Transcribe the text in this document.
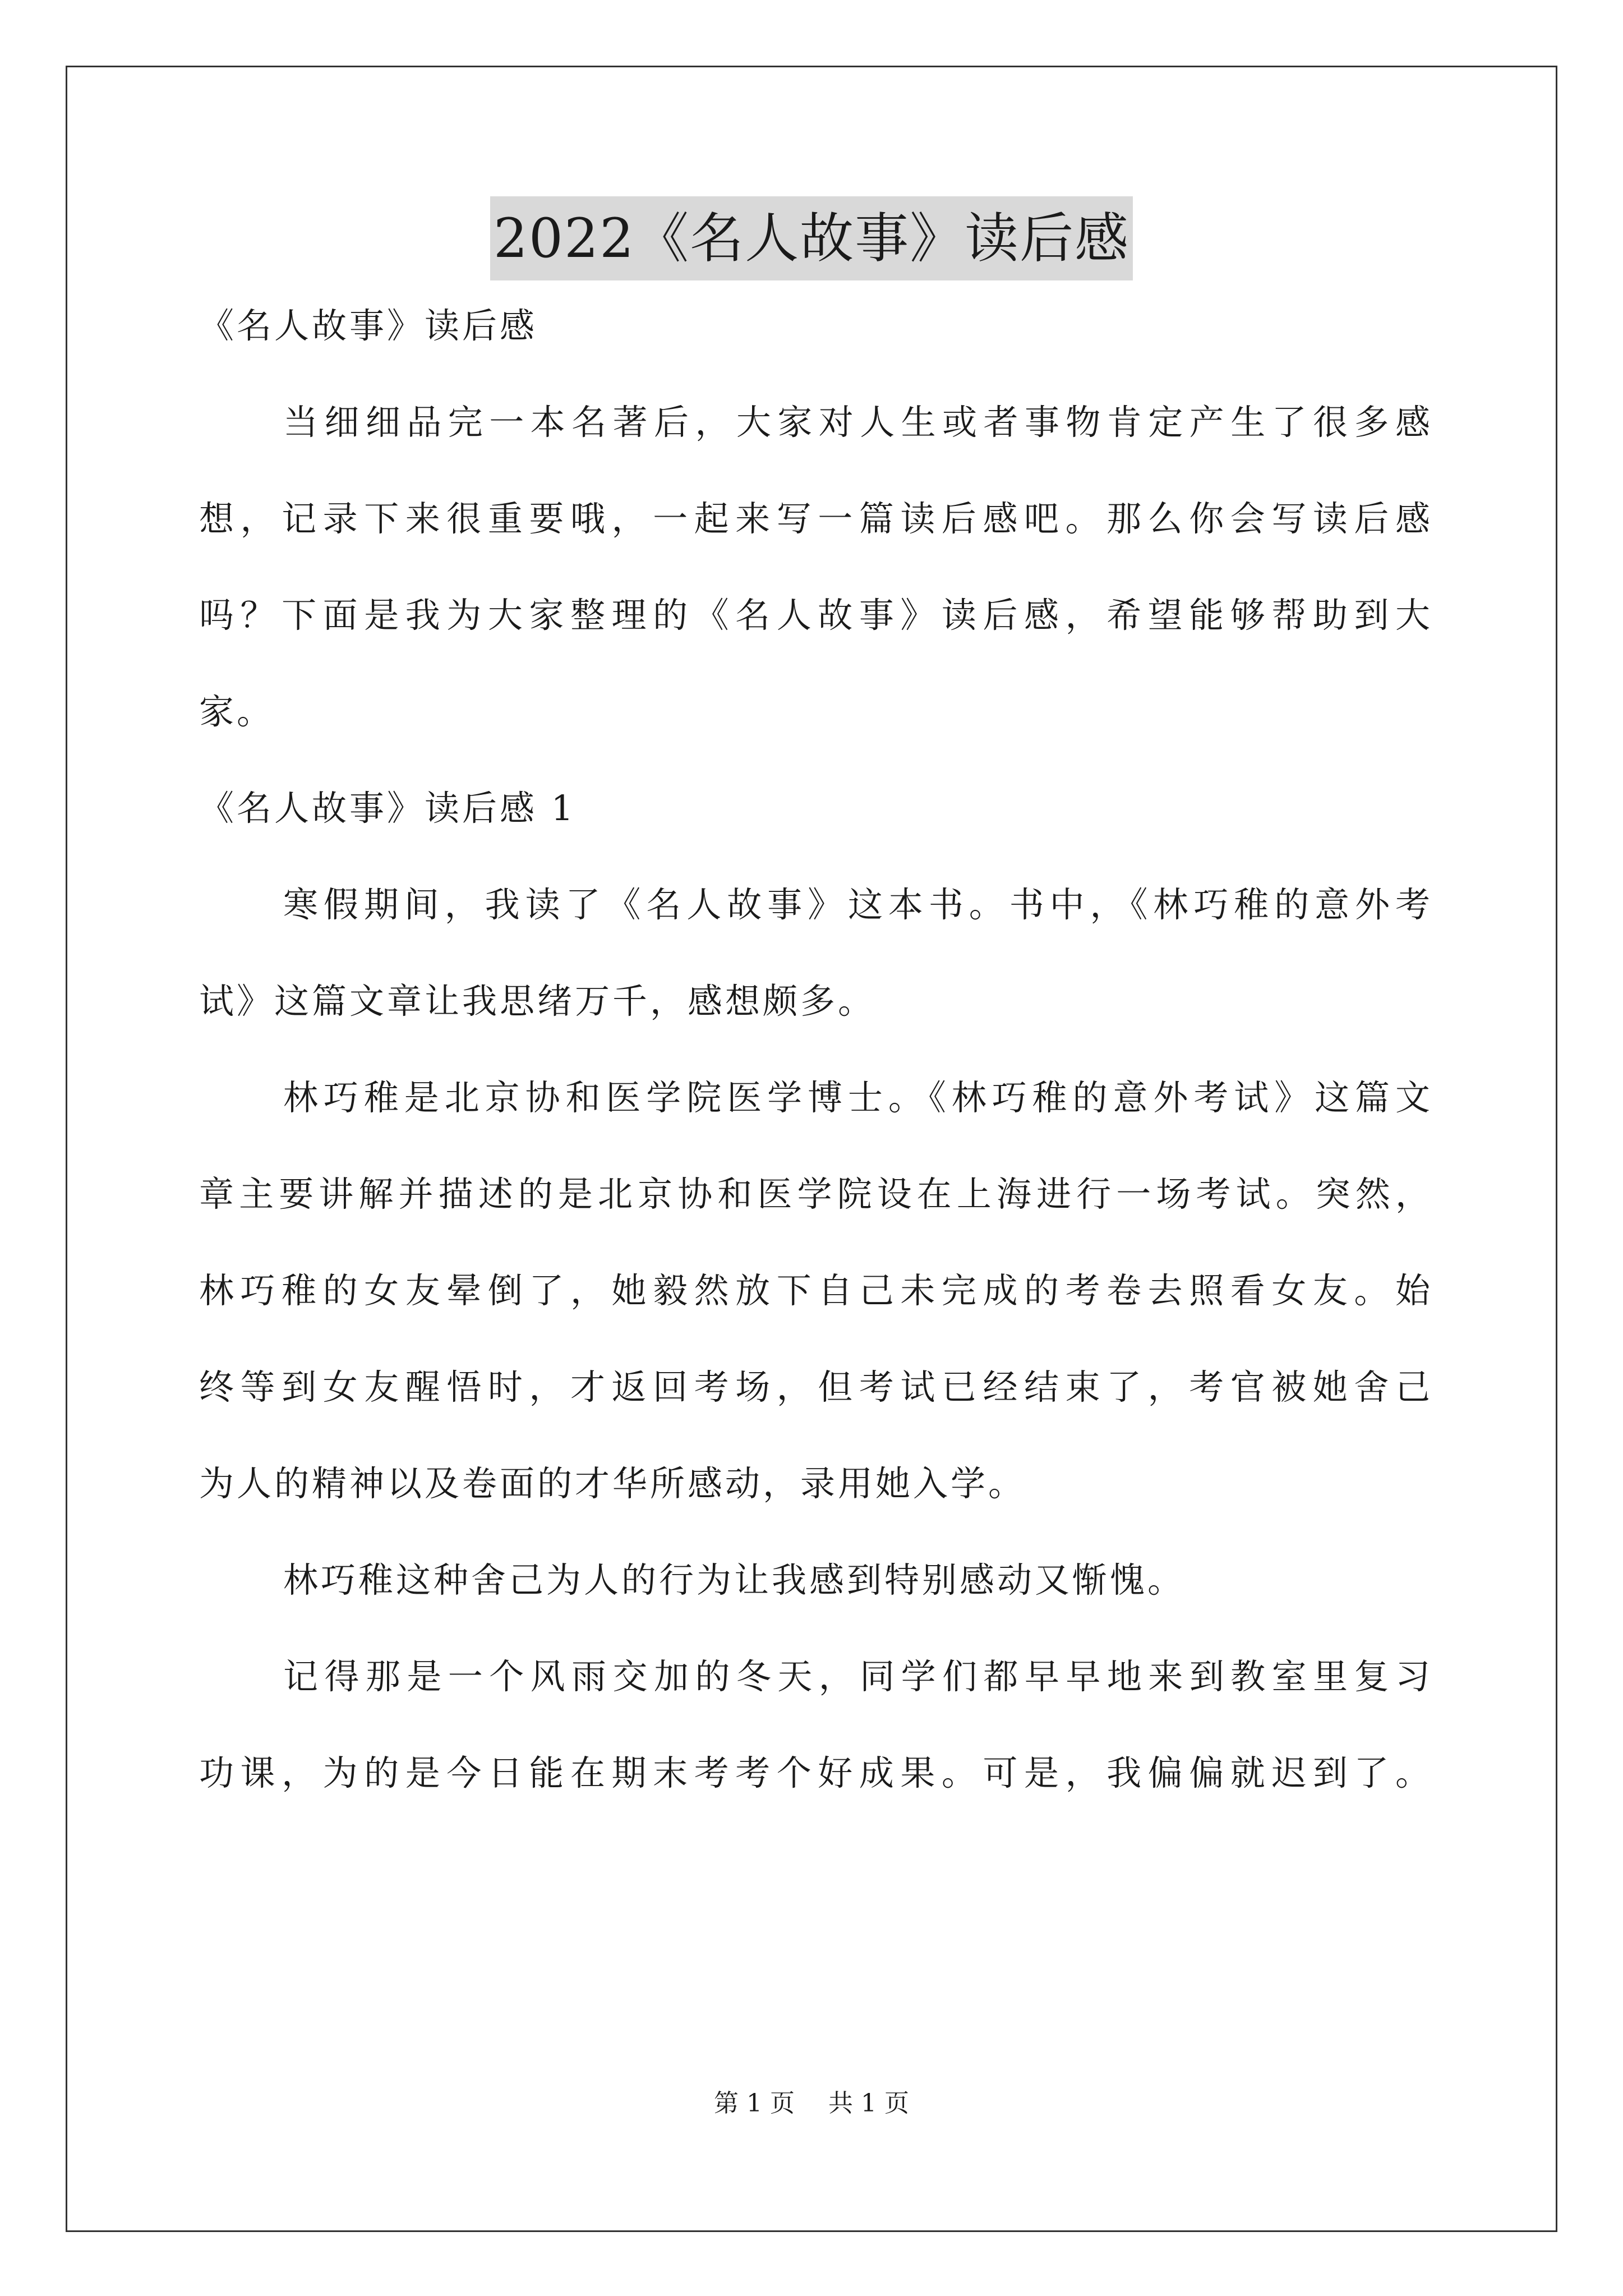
2022《名人故事》读后感
《名人故事》读后感
当细细品完一本名著后，大家对人生或者事物肯定产生了很多感
想，记录下来很重要哦，一起来写一篇读后感吧。那么你会写读后感
吗？下面是我为大家整理的《名人故事》读后感，希望能够帮助到大
家。
《名人故事》读后感 1
寒假期间，我读了《名人故事》这本书。书中，《林巧稚的意外考
试》这篇文章让我思绪万千，感想颇多。
林巧稚是北京协和医学院医学博士。《林巧稚的意外考试》这篇文
章主要讲解并描述的是北京协和医学院设在上海进行一场考试。突然，
林巧稚的女友晕倒了，她毅然放下自己未完成的考卷去照看女友。始
终等到女友醒悟时，才返回考场，但考试已经结束了，考官被她舍己
为人的精神以及卷面的才华所感动，录用她入学。
林巧稚这种舍己为人的行为让我感到特别感动又惭愧。
记得那是一个风雨交加的冬天，同学们都早早地来到教室里复习
功课，为的是今日能在期末考考个好成果。可是，我偏偏就迟到了。
第 1 页 共 1 页
